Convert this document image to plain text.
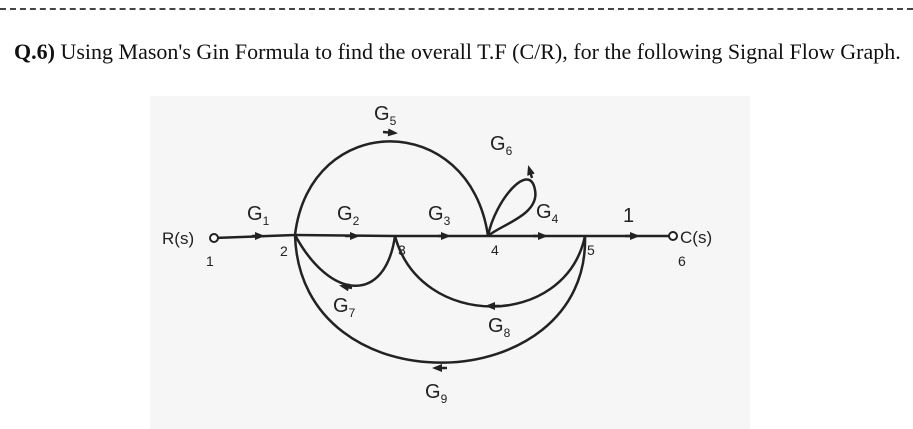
Q.6) Using Mason's Gin Formula to find the overall T.F (C/R), for the following Signal Flow Graph.

R(s)	C(s)
1
2	3	4	5
6
$G_1$	$G_2$	$G_3$	$G_4$
$G_5$
$G_6$
$G_7$
$G_8$
$G_9$
1
